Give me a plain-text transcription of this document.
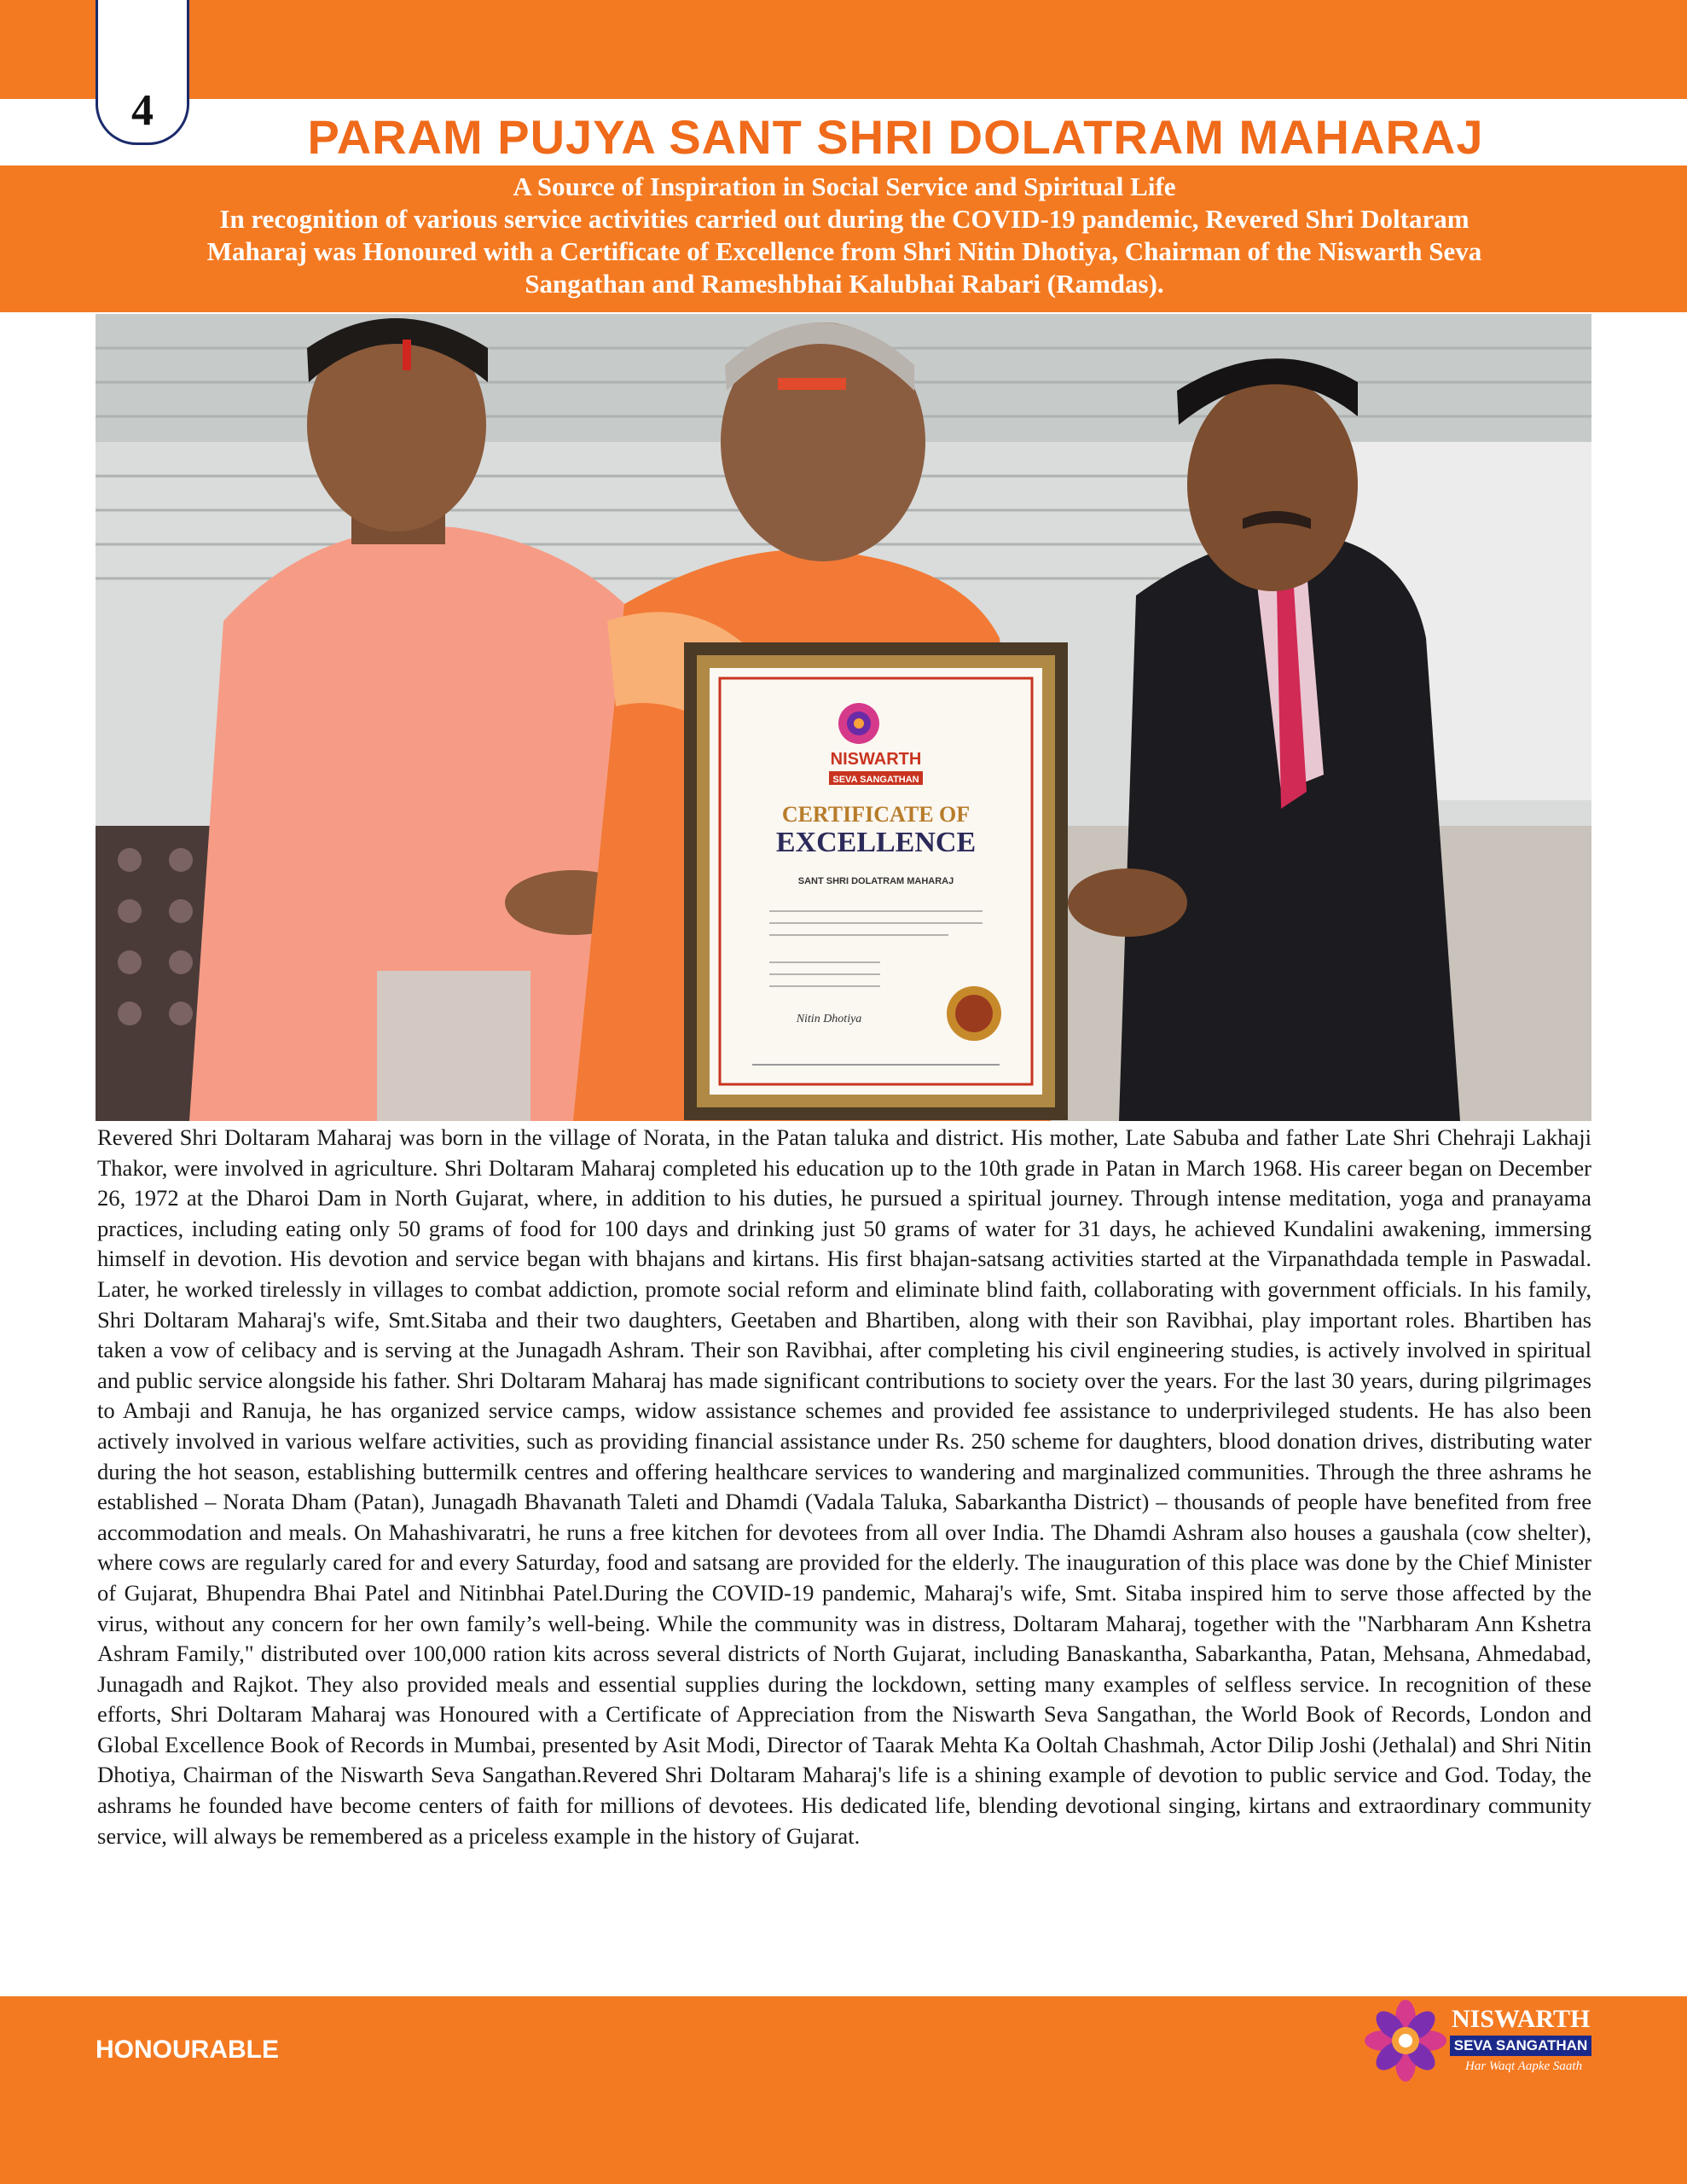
4	PARAM PUJYA SANT SHRI DOLATRAM MAHARAJ
A Source of Inspiration in Social Service and Spiritual Life
In recognition of various service activities carried out during the COVID-19 pandemic, Revered Shri Doltaram
Maharaj was Honoured with a Certificate of Excellence from Shri Nitin Dhotiya, Chairman of the Niswarth Seva
Sangathan and Rameshbhai Kalubhai Rabari (Ramdas).
NISWARTH
SEVA SANGATHAN
CERTIFICATE OF
EXCELLENCE
SANT SHRI DOLATRAM MAHARAJ
Nitin Dhotiya
Revered Shri Doltaram Maharaj was born in the village of Norata, in the Patan taluka and district. His mother, Late Sabuba and father Late Shri Chehraji Lakhaji Thakor, were involved in agriculture. Shri Doltaram Maharaj completed his education up to the 10th grade in Patan in March 1968. His career began on December 26, 1972 at the Dharoi Dam in North Gujarat, where, in addition to his duties, he pursued a spiritual journey. Through intense meditation, yoga and pranayama practices, including eating only 50 grams of food for 100 days and drinking just 50 grams of water for 31 days, he achieved Kundalini awakening, immersing himself in devotion. His devotion and service began with bhajans and kirtans. His first bhajan-satsang activities started at the Virpanathdada temple in Paswadal. Later, he worked tirelessly in villages to combat addiction, promote social reform and eliminate blind faith, collaborating with government officials. In his family, Shri Doltaram Maharaj's wife, Smt.Sitaba and their two daughters, Geetaben and Bhartiben, along with their son Ravibhai, play important roles. Bhartiben has taken a vow of celibacy and is serving at the Junagadh Ashram. Their son Ravibhai, after completing his civil engineering studies, is actively involved in spiritual and public service alongside his father. Shri Doltaram Maharaj has made significant contributions to society over the years. For the last 30 years, during pilgrimages to Ambaji and Ranuja, he has organized service camps, widow assistance schemes and provided fee assistance to underprivileged students. He has also been actively involved in various welfare activities, such as providing financial assistance under Rs. 250 scheme for daughters, blood donation drives, distributing water during the hot season, establishing buttermilk centres and offering healthcare services to wandering and marginalized communities. Through the three ashrams he established – Norata Dham (Patan), Junagadh Bhavanath Taleti and Dhamdi (Vadala Taluka, Sabarkantha District) – thousands of people have benefited from free accommodation and meals. On Mahashivaratri, he runs a free kitchen for devotees from all over India. The Dhamdi Ashram also houses a gaushala (cow shelter), where cows are regularly cared for and every Saturday, food and satsang are provided for the elderly. The inauguration of this place was done by the Chief Minister of Gujarat, Bhupendra Bhai Patel and Nitinbhai Patel.During the COVID-19 pandemic, Maharaj's wife, Smt. Sitaba inspired him to serve those affected by the virus, without any concern for her own family’s well-being. While the community was in distress, Doltaram Maharaj, together with the "Narbharam Ann Kshetra Ashram Family," distributed over 100,000 ration kits across several districts of North Gujarat, including Banaskantha, Sabarkantha, Patan, Mehsana, Ahmedabad, Junagadh and Rajkot. They also provided meals and essential supplies during the lockdown, setting many examples of selfless service. In recognition of these efforts, Shri Doltaram Maharaj was Honoured with a Certificate of Appreciation from the Niswarth Seva Sangathan, the World Book of Records, London and Global Excellence Book of Records in Mumbai, presented by Asit Modi, Director of Taarak Mehta Ka Ooltah Chashmah, Actor Dilip Joshi (Jethalal) and Shri Nitin Dhotiya, Chairman of the Niswarth Seva Sangathan.Revered Shri Doltaram Maharaj's life is a shining example of devotion to public service and God. Today, the ashrams he founded have become centers of faith for millions of devotees. His dedicated life, blending devotional singing, kirtans and extraordinary community service, will always be remembered as a priceless example in the history of Gujarat.
HONOURABLE
NISWARTH
SEVA SANGATHAN
Har Waqt Aapke Saath
